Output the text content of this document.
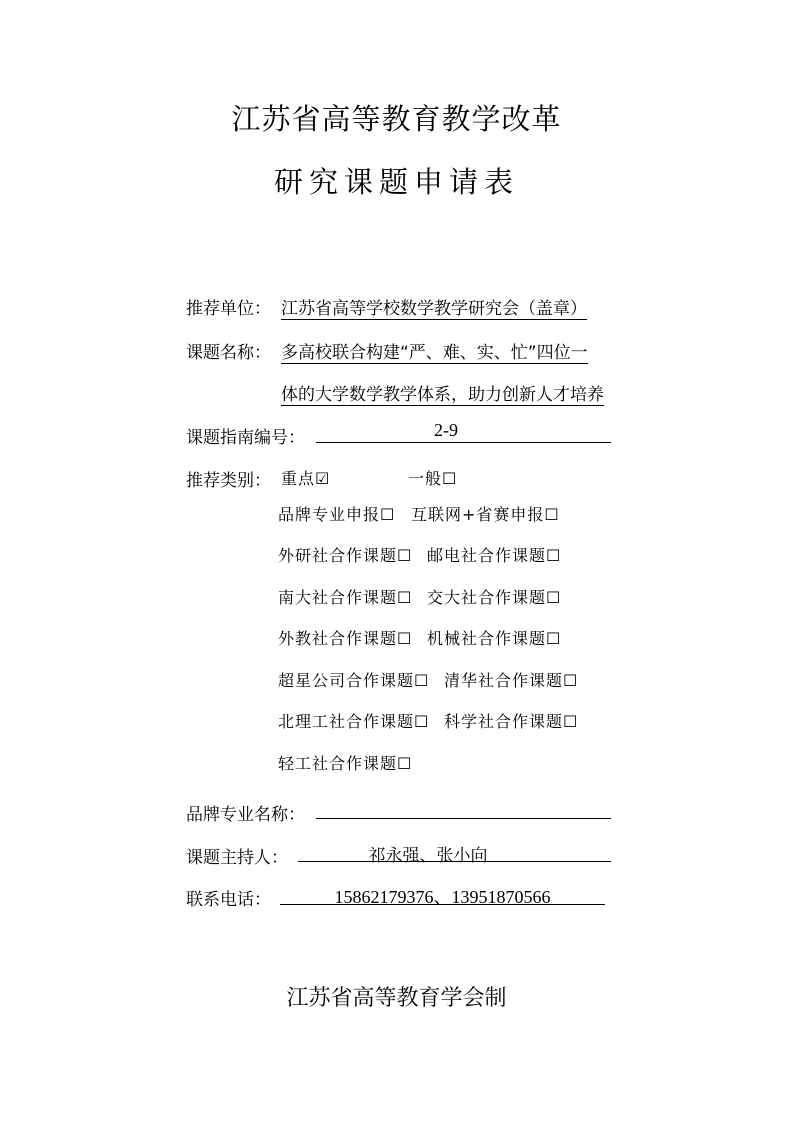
江苏省高等教育教学改革
研究课题申请表
推荐单位： 江苏省高等学校数学教学研究会（盖章）
课题名称： 多高校联合构建“严、难、实、忙”四位一
体的大学数学教学体系，助力创新人才培养
课题指南编号：	2-9
推荐类别： 重点☑	一般☐
品牌专业申报☐ 互联网+省赛申报☐
外研社合作课题☐ 邮电社合作课题☐
南大社合作课题☐ 交大社合作课题☐
外教社合作课题☐ 机械社合作课题☐
超星公司合作课题☐ 清华社合作课题☐
北理工社合作课题☐ 科学社合作课题☐
轻工社合作课题☐
品牌专业名称：
课题主持人：	祁永强、张小向
联系电话：	15862179376、13951870566
江苏省高等教育学会制
